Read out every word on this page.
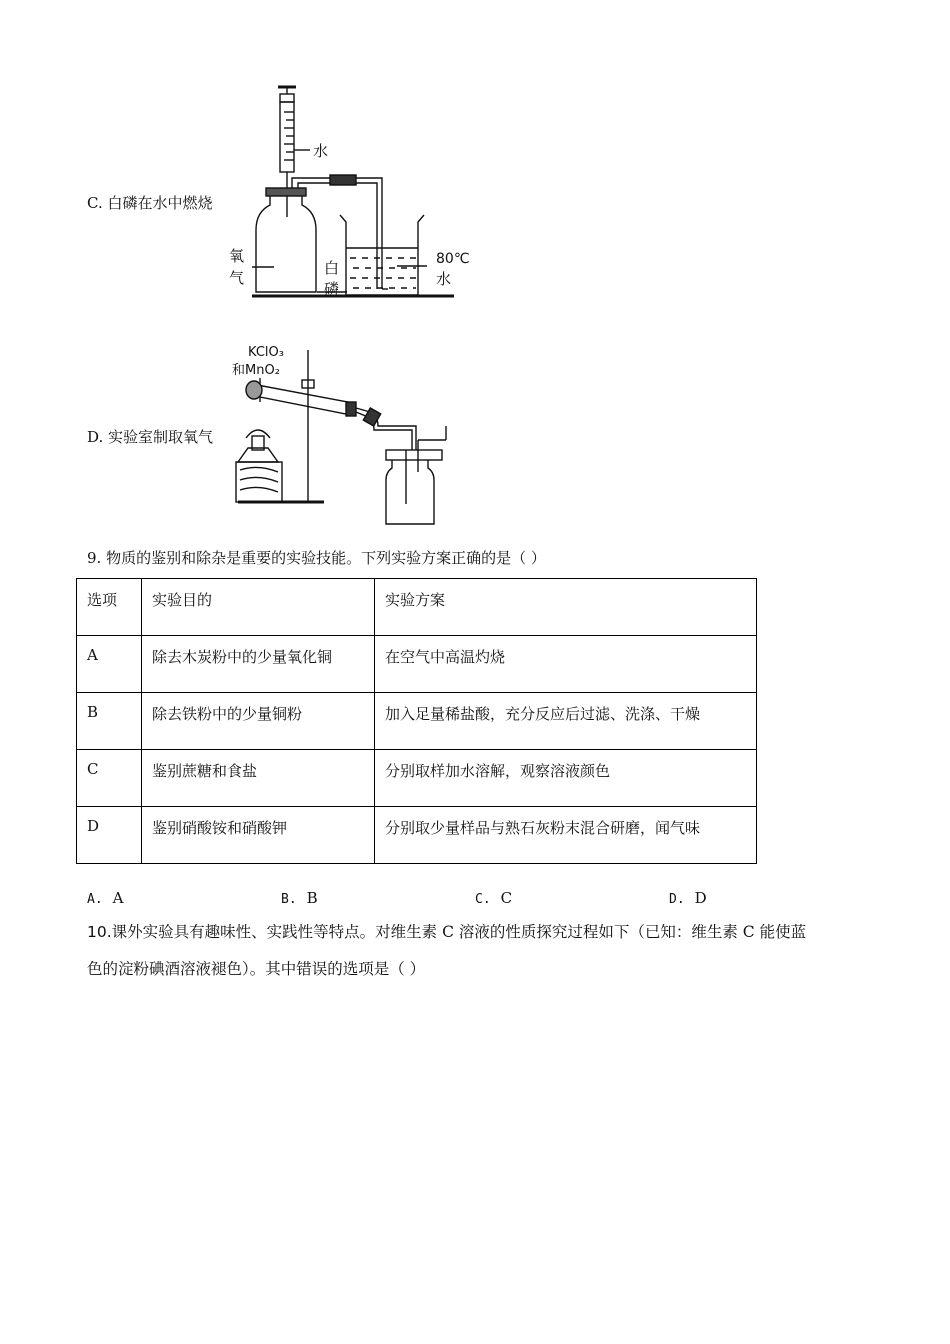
C. 白磷在水中燃烧
水
氧
气
白
磷
80℃
水
D. 实验室制取氧气
KClO₃
和MnO₂
9. 物质的鉴别和除杂是重要的实验技能。下列实验方案正确的是（ ）
选项	实验目的	实验方案
A	除去木炭粉中的少量氧化铜	在空气中高温灼烧
B	除去铁粉中的少量铜粉	加入足量稀盐酸，充分反应后过滤、洗涤、干燥
C	鉴别蔗糖和食盐	分别取样加水溶解，观察溶液颜色
D	鉴别硝酸铵和硝酸钾	分别取少量样品与熟石灰粉末混合研磨，闻气味
A. A	B. B	C. C	D. D
10.课外实验具有趣味性、实践性等特点。对维生素 C 溶液的性质探究过程如下（已知：维生素 C 能使蓝
色的淀粉碘酒溶液褪色）。其中错误的选项是（ ）
